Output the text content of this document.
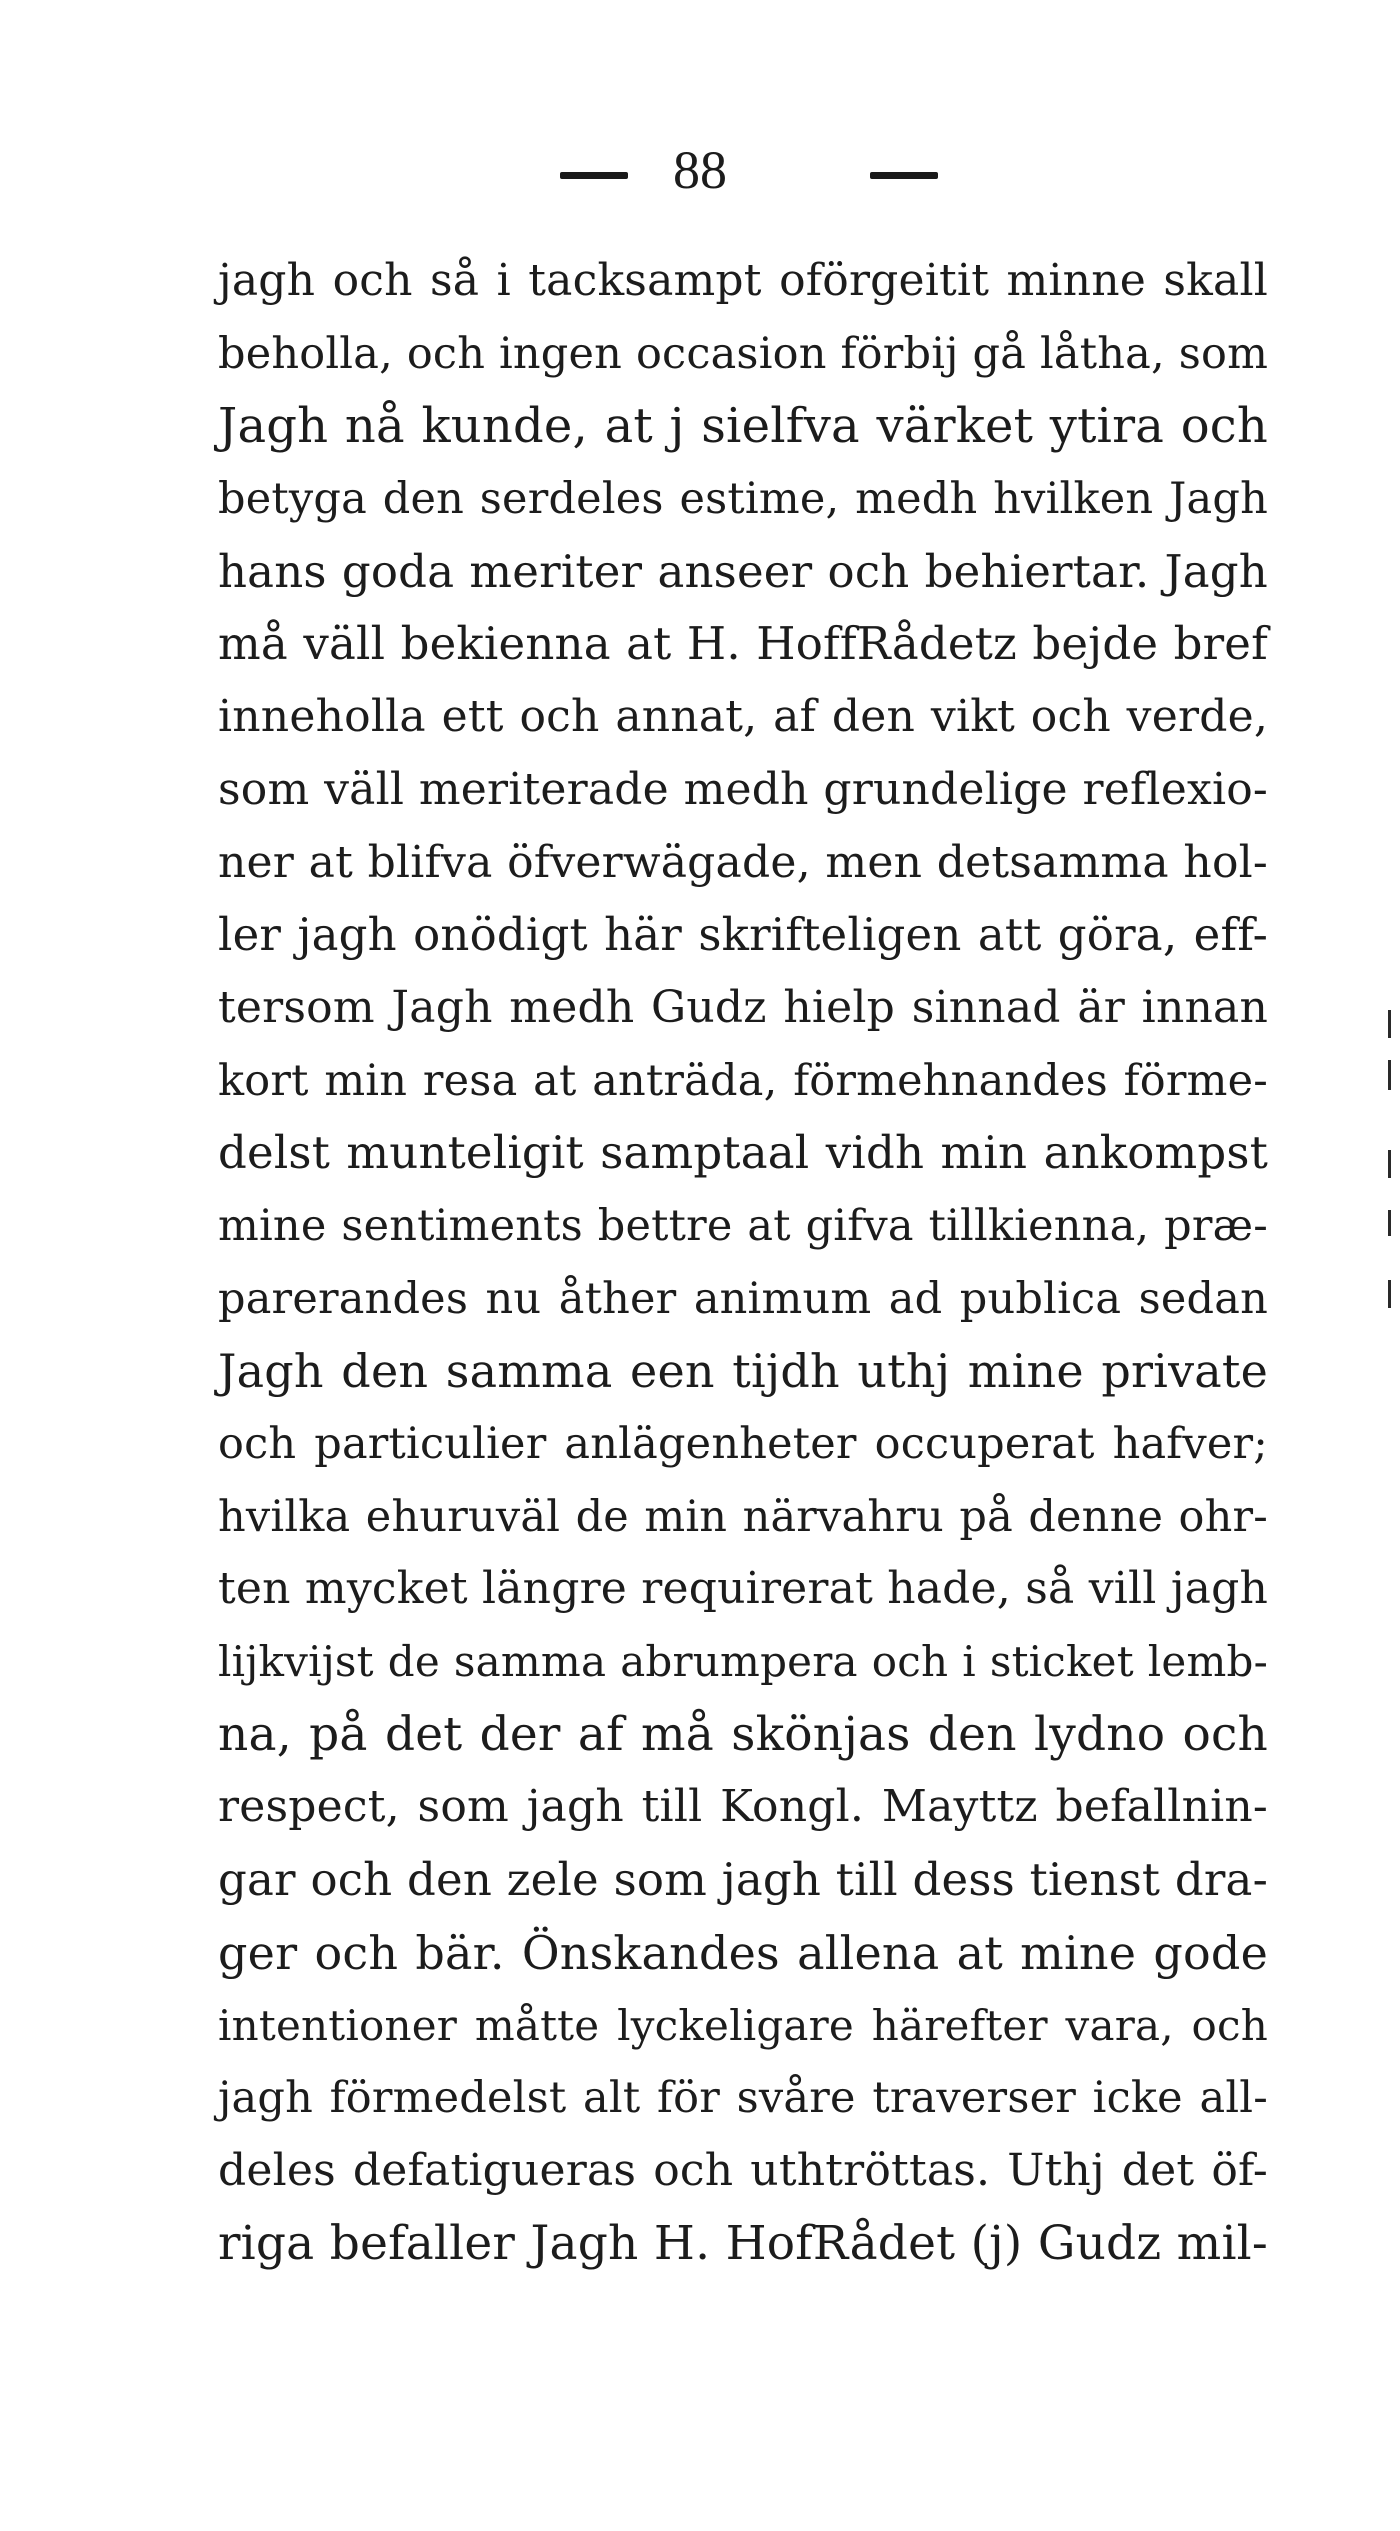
88
jagh och så i tacksampt oförgeitit minne skall
beholla, och ingen occasion förbij gå låtha, som
Jagh nå kunde, at j sielfva värket ytira och
betyga den serdeles estime, medh hvilken Jagh
hans goda meriter anseer och behiertar. Jagh
må väll bekienna at H. HoffRådetz bejde bref
inneholla ett och annat, af den vikt och verde,
som väll meriterade medh grundelige reflexio-
ner at blifva öfverwägade, men detsamma hol-
ler jagh onödigt här skrifteligen att göra, eff-
tersom Jagh medh Gudz hielp sinnad är innan
kort min resa at anträda, förmehnandes förme-
delst munteligit samptaal vidh min ankompst
mine sentiments bettre at gifva tillkienna, præ-
parerandes nu åther animum ad publica sedan
Jagh den samma een tijdh uthj mine private
och particulier anlägenheter occuperat hafver;
hvilka ehuruväl de min närvahru på denne ohr-
ten mycket längre requirerat hade, så vill jagh
lijkvijst de samma abrumpera och i sticket lemb-
na, på det der af må skönjas den lydno och
respect, som jagh till Kongl. Mayttz befallnin-
gar och den zele som jagh till dess tienst dra-
ger och bär. Önskandes allena at mine gode
intentioner måtte lyckeligare härefter vara, och
jagh förmedelst alt för svåre traverser icke all-
deles defatigueras och uthtröttas. Uthj det öf-
riga befaller Jagh H. HofRådet (j) Gudz mil-
